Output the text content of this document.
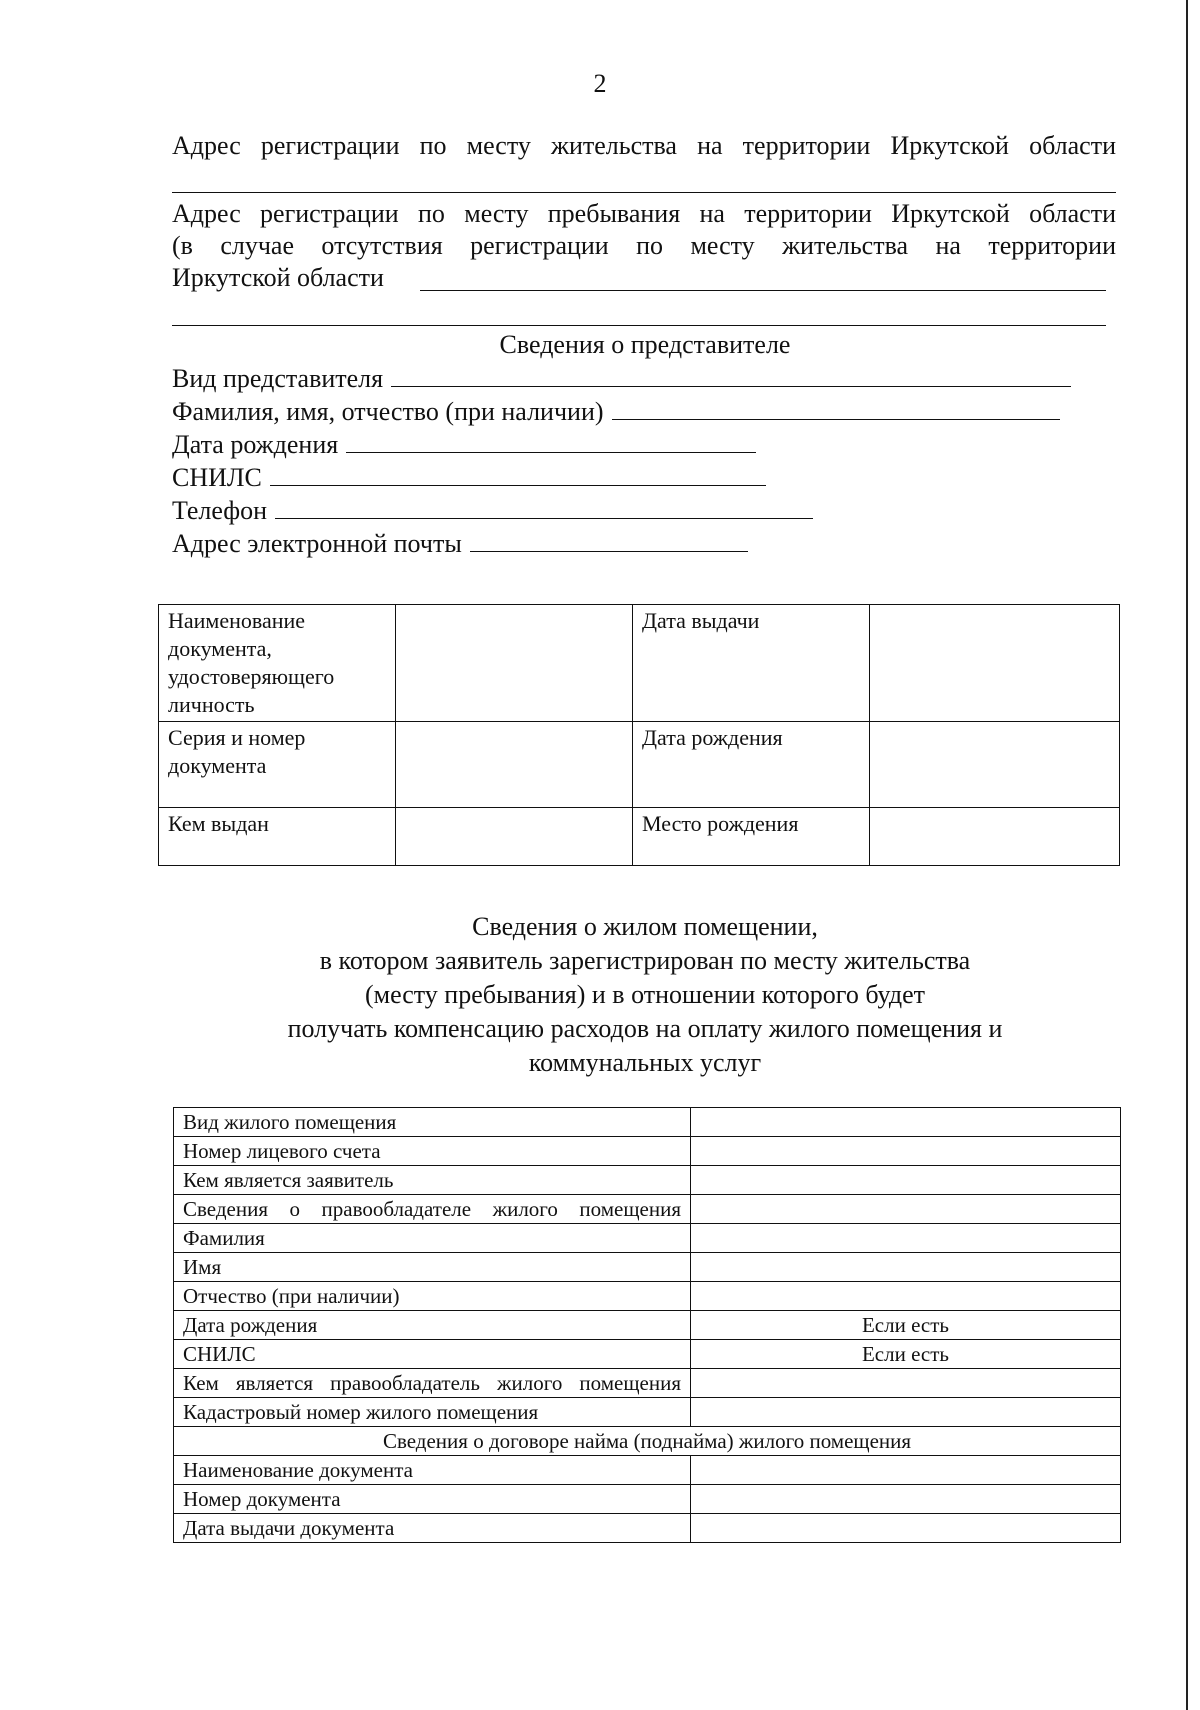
2
Адрес регистрации по месту жительства на территории Иркутской области
Адрес регистрации по месту пребывания на территории Иркутской области
(в случае отсутствия регистрации по месту жительства на территории
Иркутской области
Сведения о представителе
Вид представителя
Фамилия, имя, отчество (при наличии)
Дата рождения
СНИЛС
Телефон
Адрес электронной почты
Наименование документа, удостоверяющего личность		Дата выдачи	
Серия и номер документа		Дата рождения	
Кем выдан		Место рождения	
Сведения о жилом помещении,
в котором заявитель зарегистрирован по месту жительства
(месту пребывания) и в отношении которого будет
получать компенсацию расходов на оплату жилого помещения и
коммунальных услуг
Вид жилого помещения	
Номер лицевого счета	
Кем является заявитель	
Сведения о правообладателе жилого помещения	
Фамилия	
Имя	
Отчество (при наличии)	
Дата рождения	Если есть
СНИЛС	Если есть
Кем является правообладатель жилого помещения	
Кадастровый номер жилого помещения	
Сведения о договоре найма (поднайма) жилого помещения	
Наименование документа	
Номер документа	
Дата выдачи документа	
